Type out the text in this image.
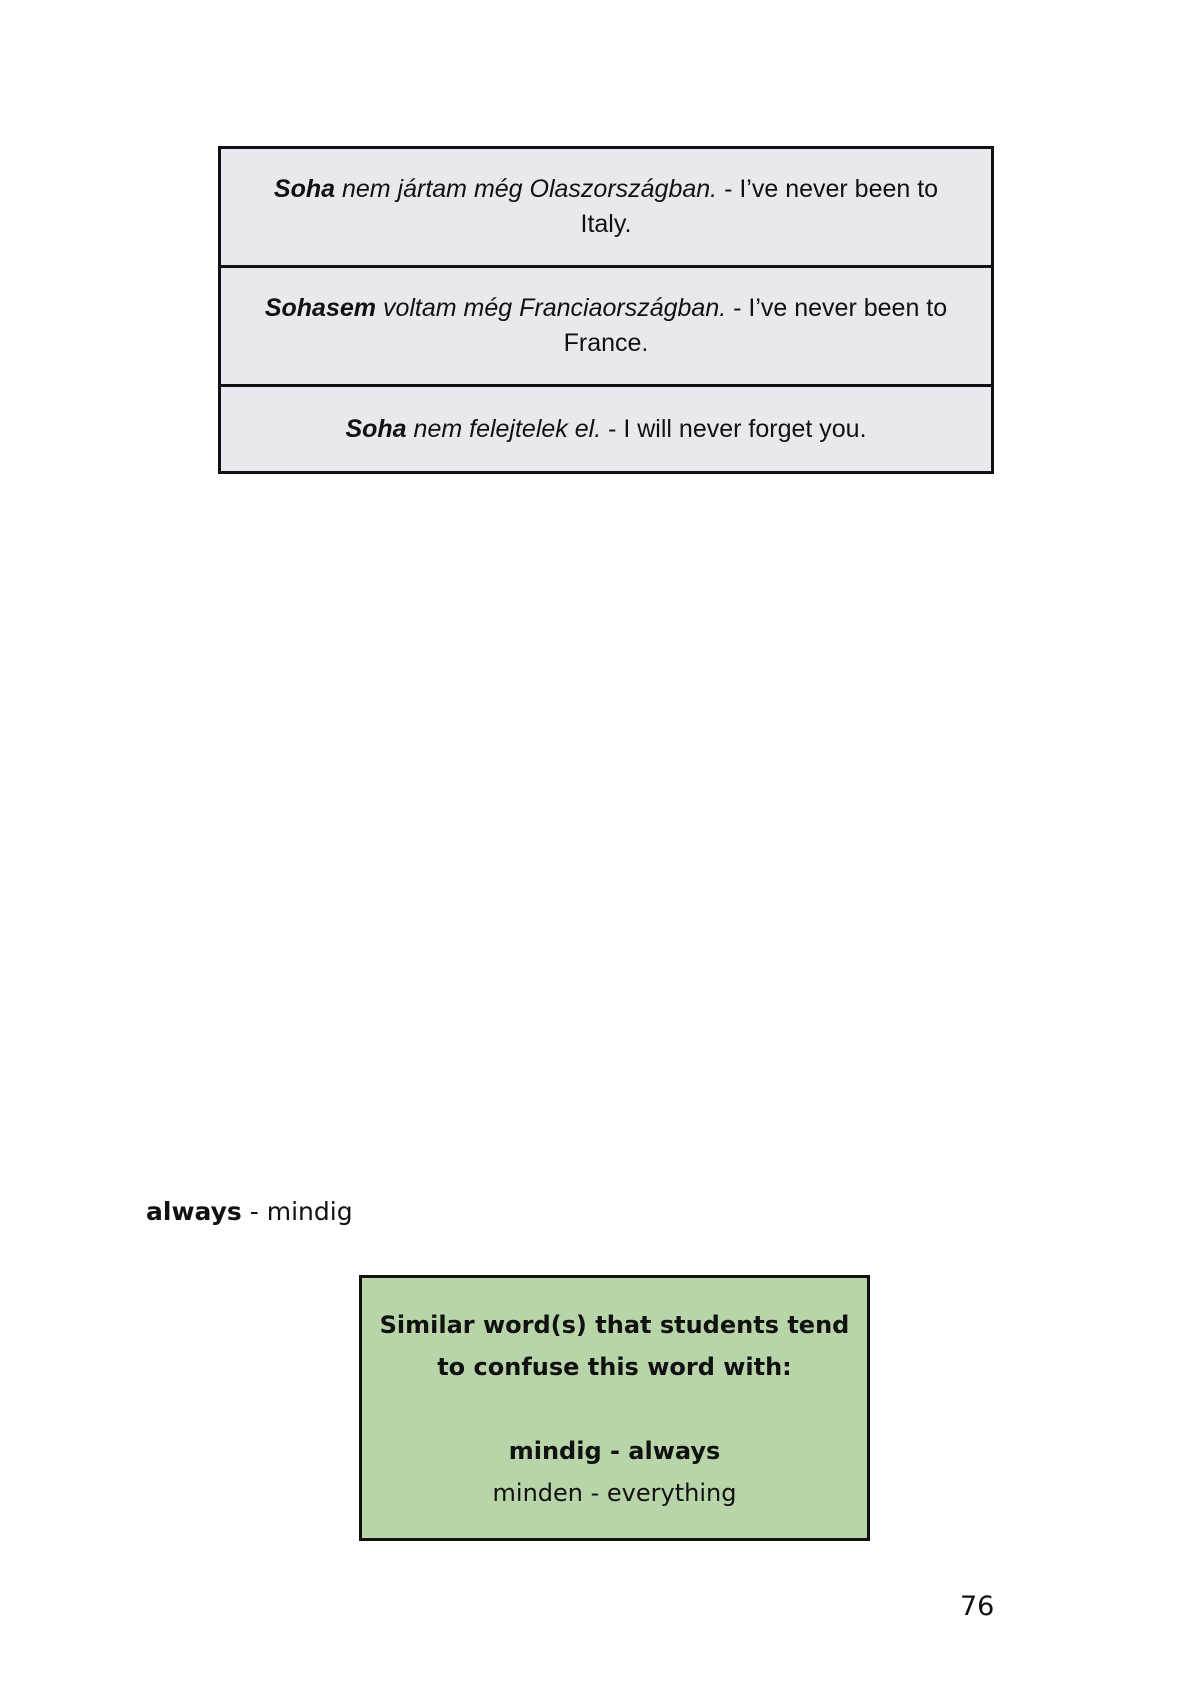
Soha nem jártam még Olaszországban. - I’ve never been to Italy.
Sohasem voltam még Franciaországban. - I’ve never been to France.
Soha nem felejtelek el. - I will never forget you.
always - mindig
Similar word(s) that students tend to confuse this word with:
mindig - always
minden - everything
76
